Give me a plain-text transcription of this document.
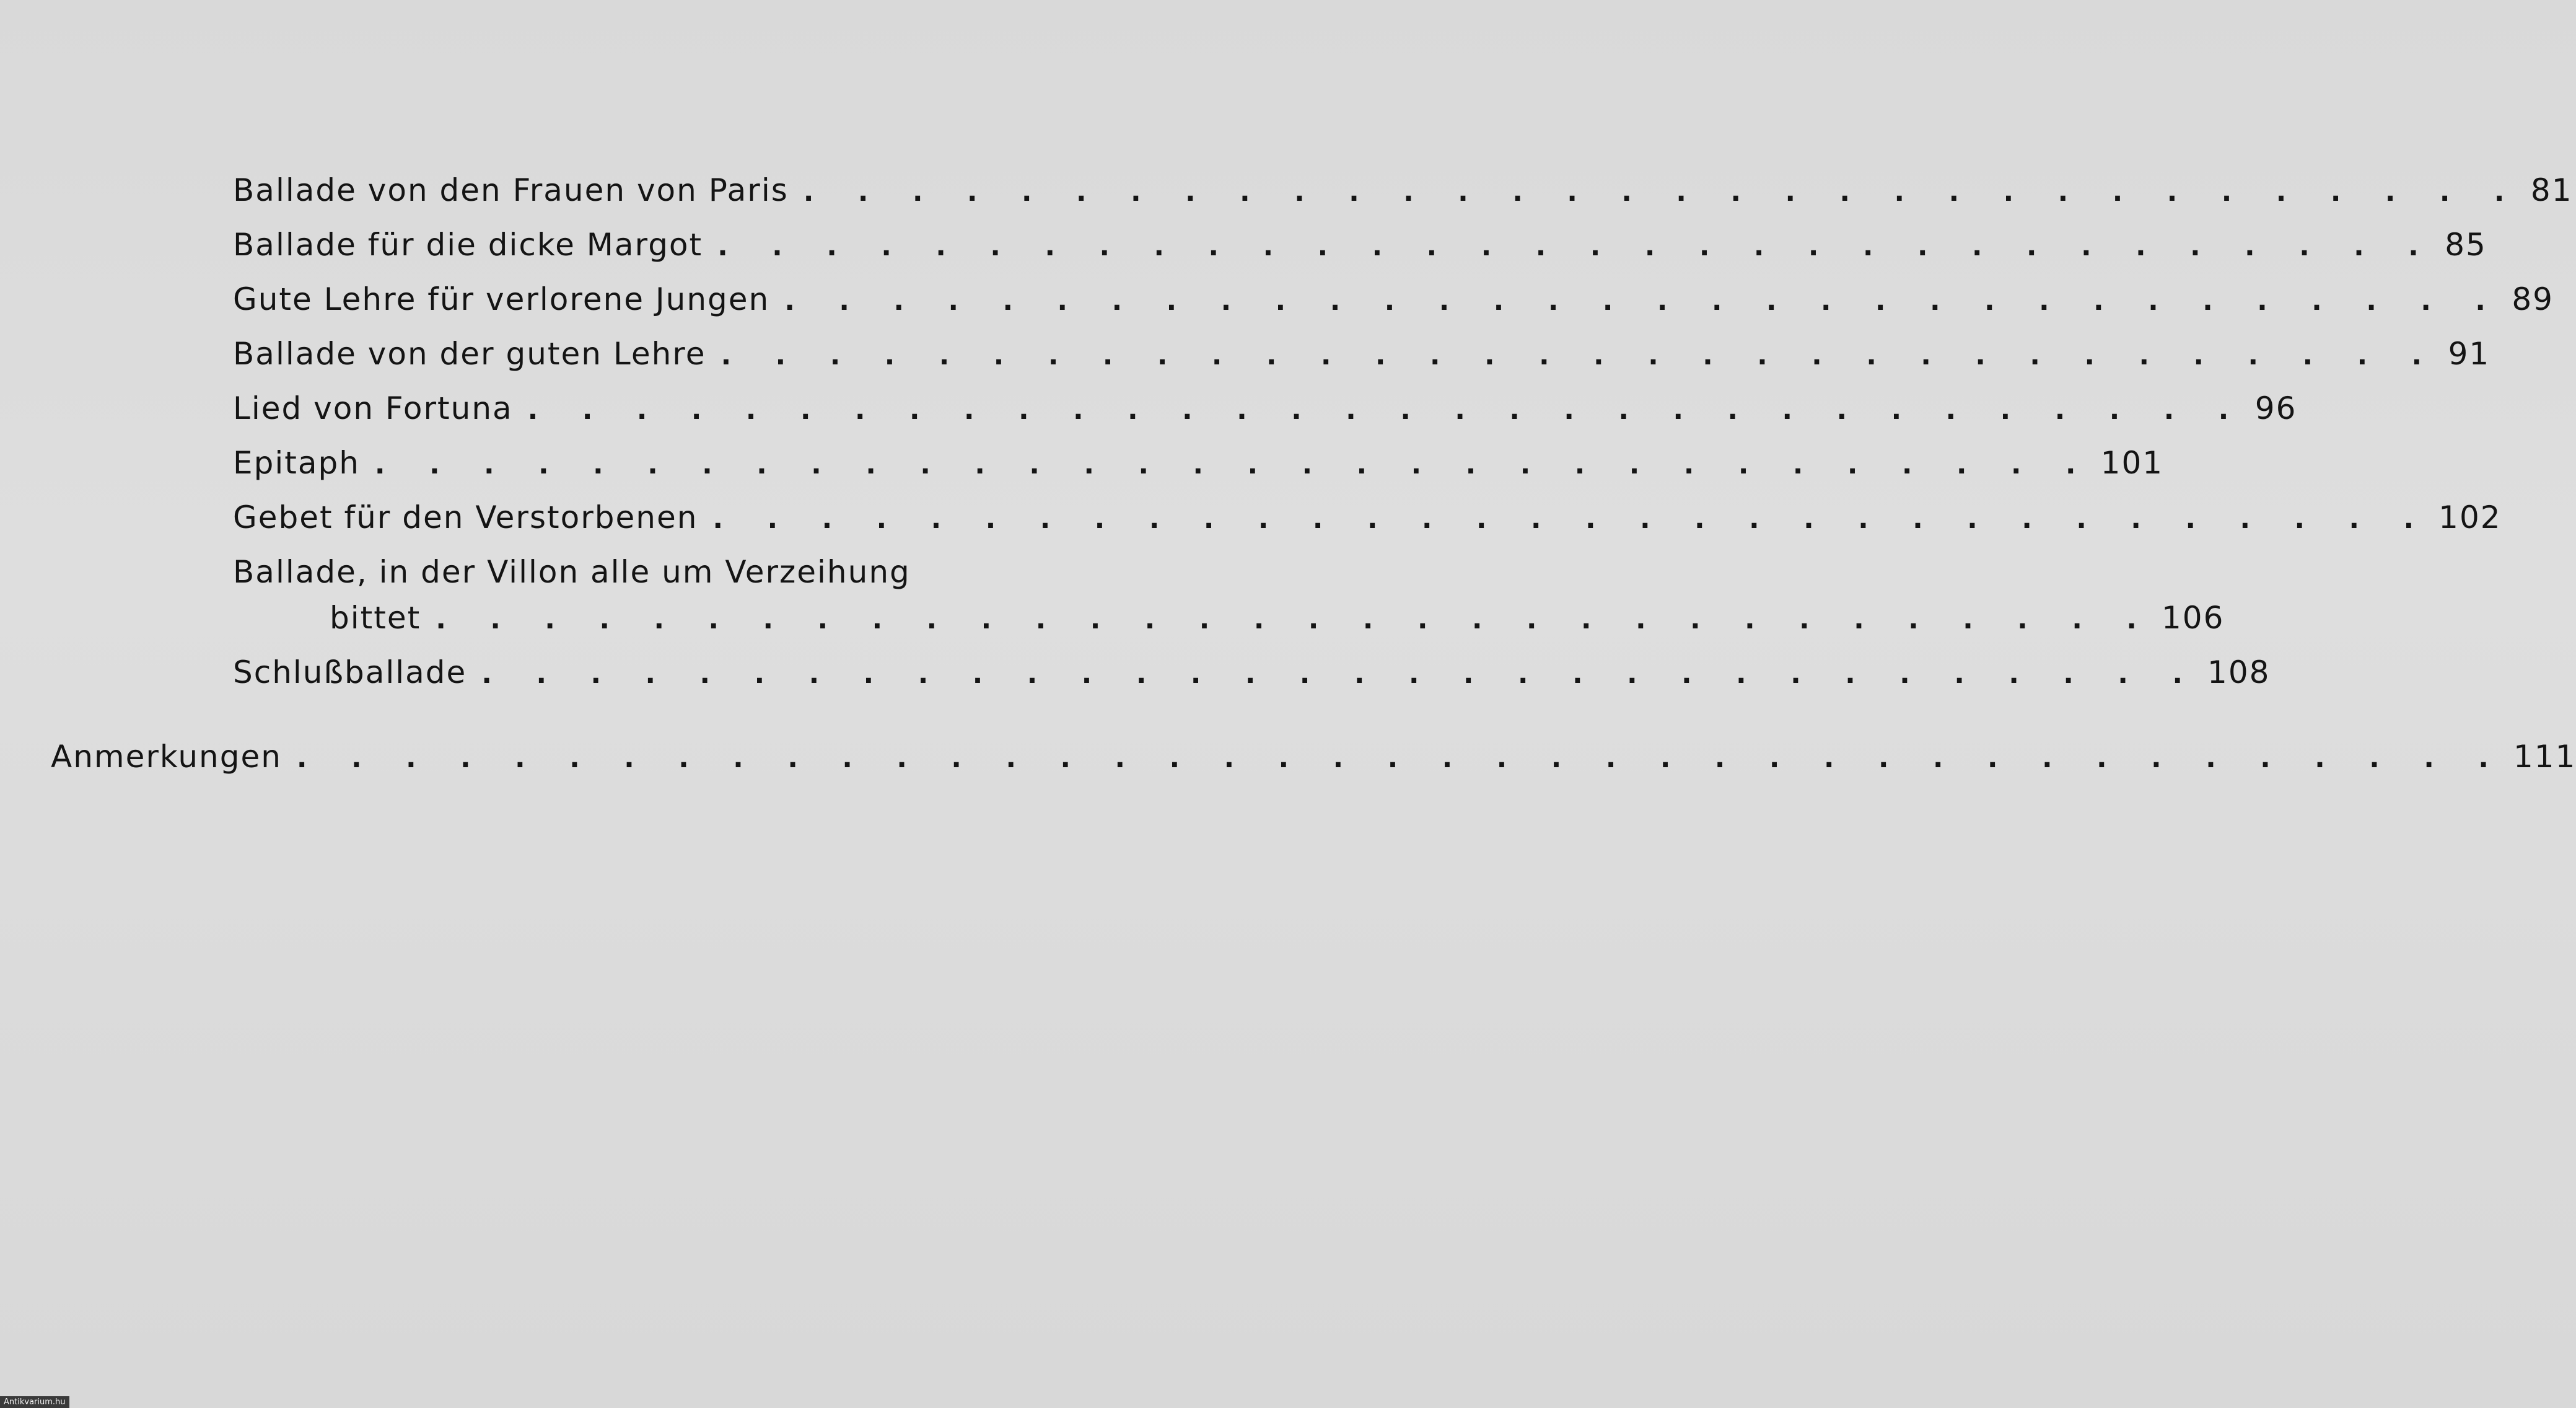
Ballade von den Frauen von Paris . . . . . . . . . . . . . . . . . . . . . . . . . . . . . . . . 81
Ballade für die dicke Margot . . . . . . . . . . . . . . . . . . . . . . . . . . . . . . . . 85
Gute Lehre für verlorene Jungen . . . . . . . . . . . . . . . . . . . . . . . . . . . . . . . . 89
Ballade von der guten Lehre . . . . . . . . . . . . . . . . . . . . . . . . . . . . . . . . 91
Lied von Fortuna . . . . . . . . . . . . . . . . . . . . . . . . . . . . . . . . 96
Epitaph . . . . . . . . . . . . . . . . . . . . . . . . . . . . . . . . 101
Gebet für den Verstorbenen . . . . . . . . . . . . . . . . . . . . . . . . . . . . . . . . 102
Ballade, in der Villon alle um Verzeihung
bittet . . . . . . . . . . . . . . . . . . . . . . . . . . . . . . . . 106
Schlußballade . . . . . . . . . . . . . . . . . . . . . . . . . . . . . . . . 108
Anmerkungen . . . . . . . . . . . . . . . . . . . . . . . . . . . . . . . . . . . . . . . . . 111
Antikvarium.hu
